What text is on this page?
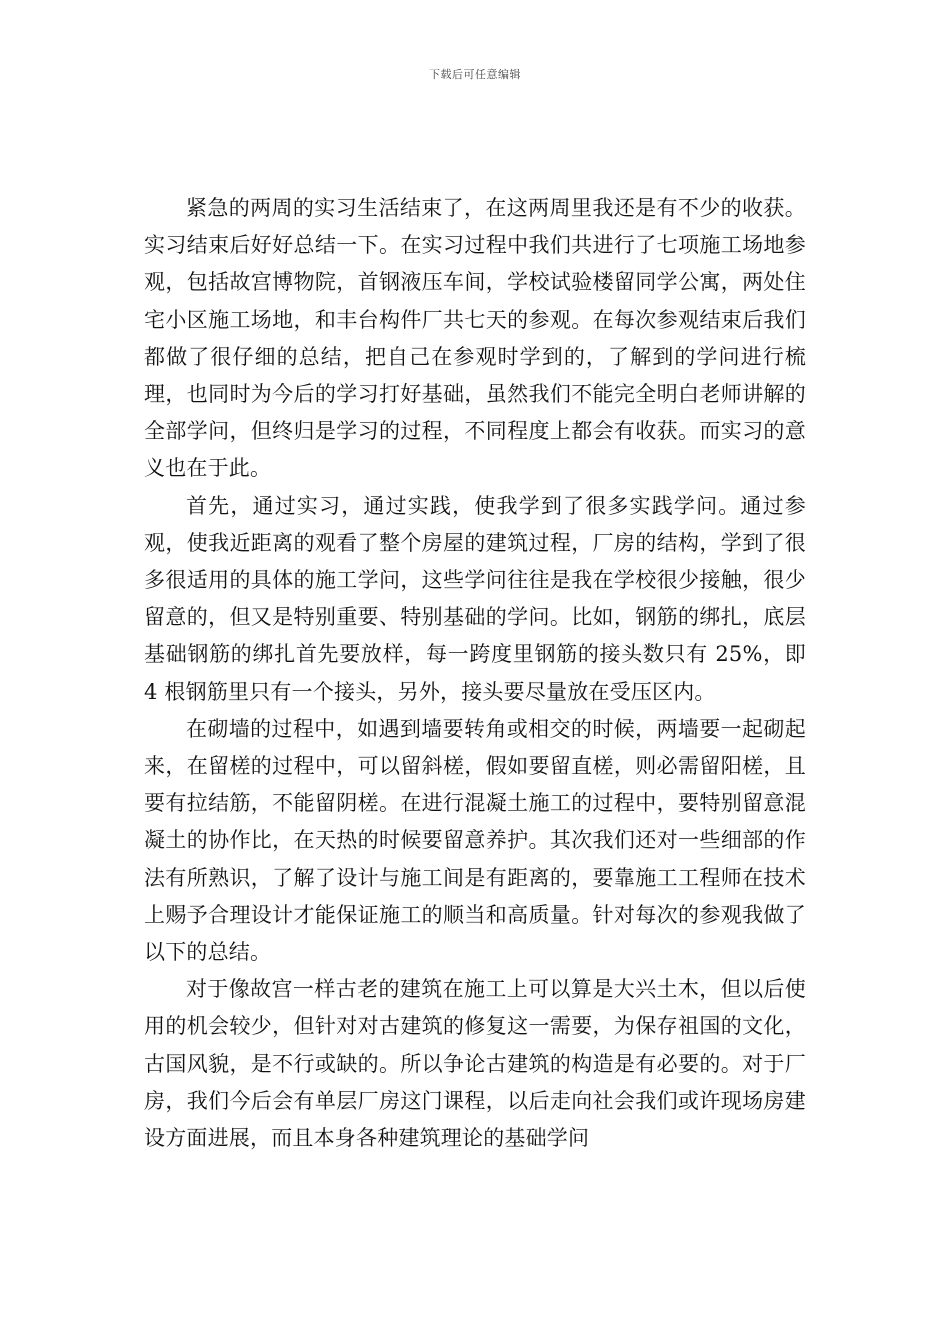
下载后可任意编辑

紧急的两周的实习生活结束了，在这两周里我还是有不少的收获。实习结束后好好总结一下。在实习过程中我们共进行了七项施工场地参观，包括故宫博物院，首钢液压车间，学校试验楼留同学公寓，两处住宅小区施工场地，和丰台构件厂共七天的参观。在每次参观结束后我们都做了很仔细的总结，把自己在参观时学到的，了解到的学问进行梳理，也同时为今后的学习打好基础，虽然我们不能完全明白老师讲解的全部学问，但终归是学习的过程，不同程度上都会有收获。而实习的意义也在于此。

首先，通过实习，通过实践，使我学到了很多实践学问。通过参观，使我近距离的观看了整个房屋的建筑过程，厂房的结构，学到了很多很适用的具体的施工学问，这些学问往往是我在学校很少接触，很少留意的，但又是特别重要、特别基础的学问。比如，钢筋的绑扎，底层基础钢筋的绑扎首先要放样，每一跨度里钢筋的接头数只有 25%，即 4 根钢筋里只有一个接头，另外，接头要尽量放在受压区内。

在砌墙的过程中，如遇到墙要转角或相交的时候，两墙要一起砌起来，在留槎的过程中，可以留斜槎，假如要留直槎，则必需留阳槎，且要有拉结筋，不能留阴槎。在进行混凝土施工的过程中，要特别留意混凝土的协作比，在天热的时候要留意养护。其次我们还对一些细部的作法有所熟识，了解了设计与施工间是有距离的，要靠施工工程师在技术上赐予合理设计才能保证施工的顺当和高质量。针对每次的参观我做了以下的总结。

对于像故宫一样古老的建筑在施工上可以算是大兴土木，但以后使用的机会较少，但针对对古建筑的修复这一需要，为保存祖国的文化，古国风貌，是不行或缺的。所以争论古建筑的构造是有必要的。对于厂房，我们今后会有单层厂房这门课程，以后走向社会我们或许现场房建设方面进展，而且本身各种建筑理论的基础学问
